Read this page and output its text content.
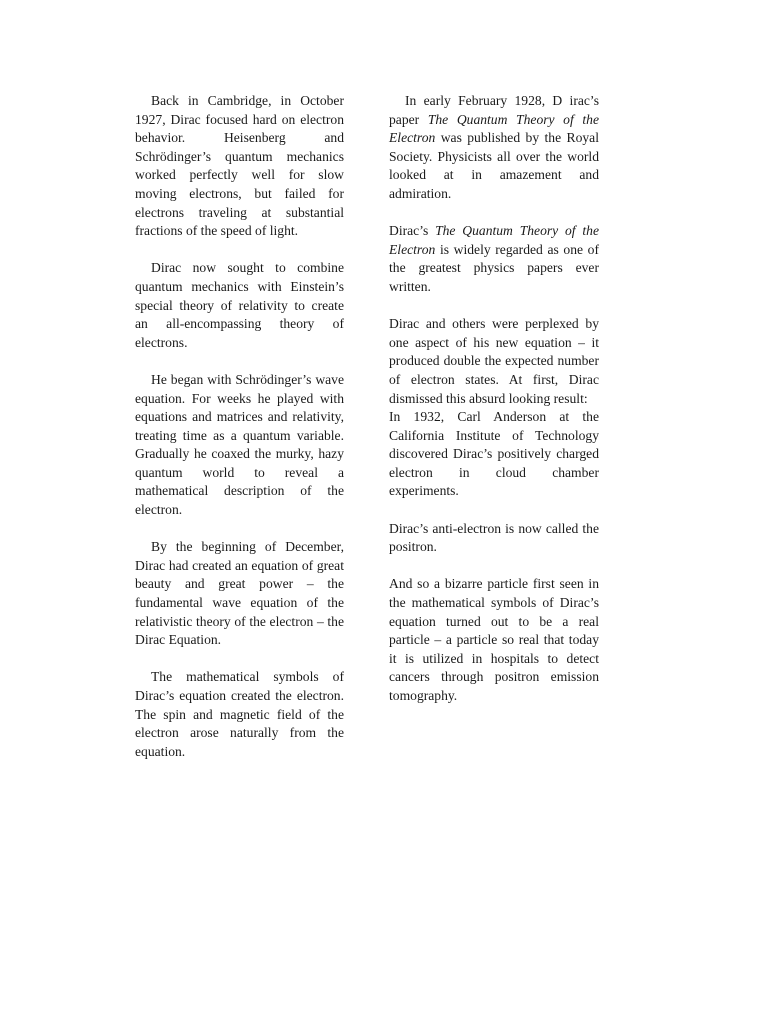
Back in Cambridge, in October 1927, Dirac focused hard on electron behavior. Heisenberg and Schrödinger’s quantum mechanics worked perfectly well for slow moving electrons, but failed for electrons traveling at substantial fractions of the speed of light.

Dirac now sought to combine quantum mechanics with Einstein’s special theory of relativity to create an all-encompassing theory of electrons.

He began with Schrödinger’s wave equation. For weeks he played with equations and matrices and relativity, treating time as a quantum variable. Gradually he coaxed the murky, hazy quantum world to reveal a mathematical description of the electron.

By the beginning of December, Dirac had created an equation of great beauty and great power – the fundamental wave equation of the relativistic theory of the electron – the Dirac Equation.

The mathematical symbols of Dirac’s equation created the electron. The spin and magnetic field of the electron arose naturally from the equation.

In early February 1928, D irac’s paper The Quantum Theory of the Electron was published by the Royal Society. Physicists all over the world looked at in amazement and admiration.

Dirac’s The Quantum Theory of the Electron is widely regarded as one of the greatest physics papers ever written.

Dirac and others were perplexed by one aspect of his new equation – it produced double the expected number of electron states. At first, Dirac dismissed this absurd looking result:

In 1932, Carl Anderson at the California Institute of Technology discovered Dirac’s positively charged electron in cloud chamber experiments.

Dirac’s anti-electron is now called the positron.

And so a bizarre particle first seen in the mathematical symbols of Dirac’s equation turned out to be a real particle – a particle so real that today it is utilized in hospitals to detect cancers through positron emission tomography.
